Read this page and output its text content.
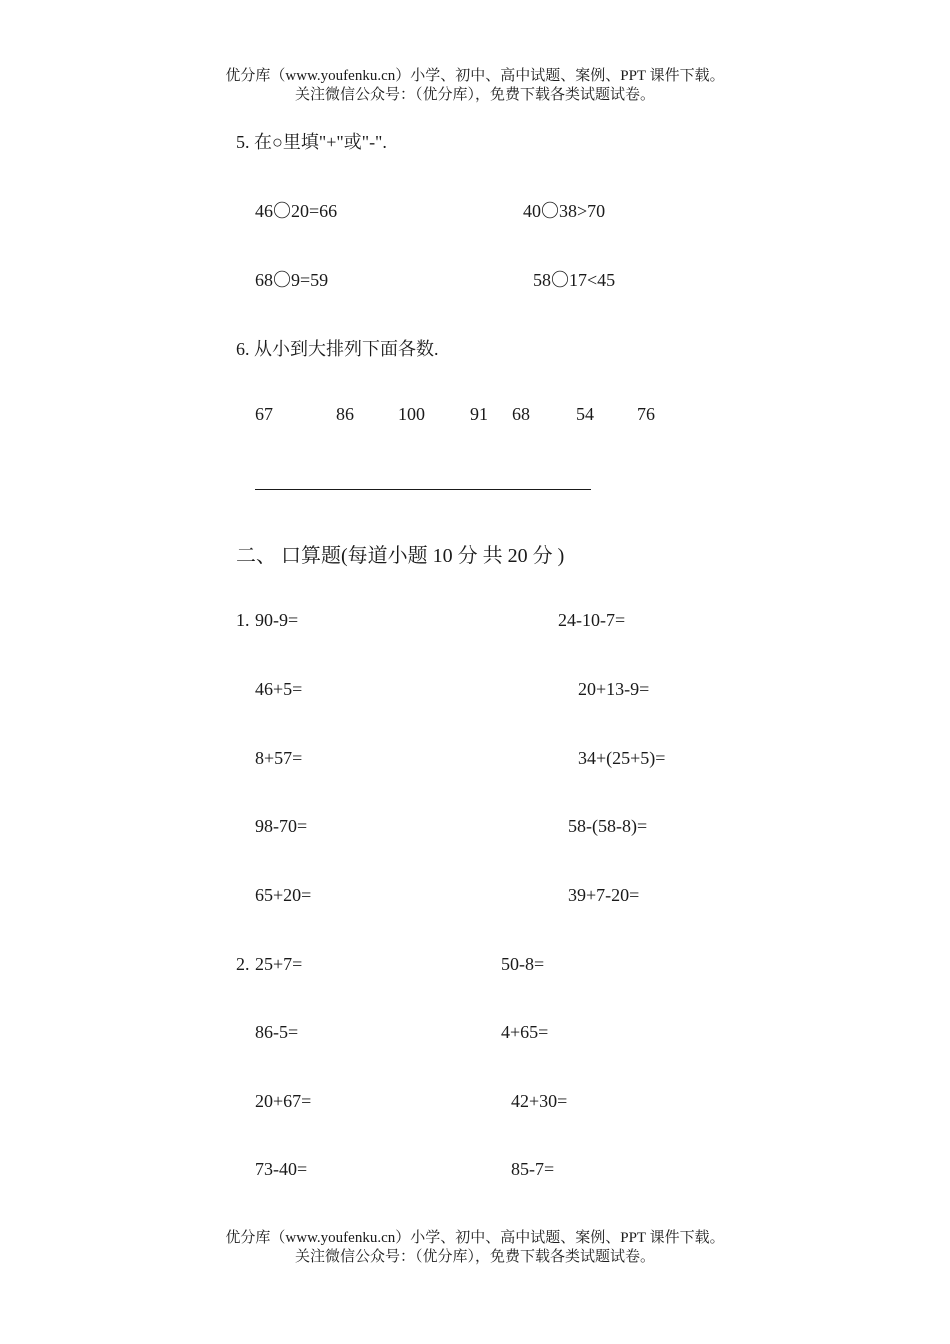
优分库（www.youfenku.cn）小学、初中、高中试题、案例、PPT 课件下载。
关注微信公众号：（优分库），免费下载各类试题试卷。
5. 在○里填"+"或"-".
46〇20=66	40〇38>70
68〇9=59	58〇17<45
6. 从小到大排列下面各数.
67	86 100	91 68	54 76
二、 口算题(每道小题 10 分 共 20 分 )
1. 90-9=	24-10-7=
46+5=	20+13-9=
8+57=	34+(25+5)=
98-70=	58-(58-8)=
65+20=	39+7-20=
2. 25+7=	50-8=
86-5=	4+65=
20+67=	42+30=
73-40=	85-7=
优分库（www.youfenku.cn）小学、初中、高中试题、案例、PPT 课件下载。
关注微信公众号：（优分库），免费下载各类试题试卷。
